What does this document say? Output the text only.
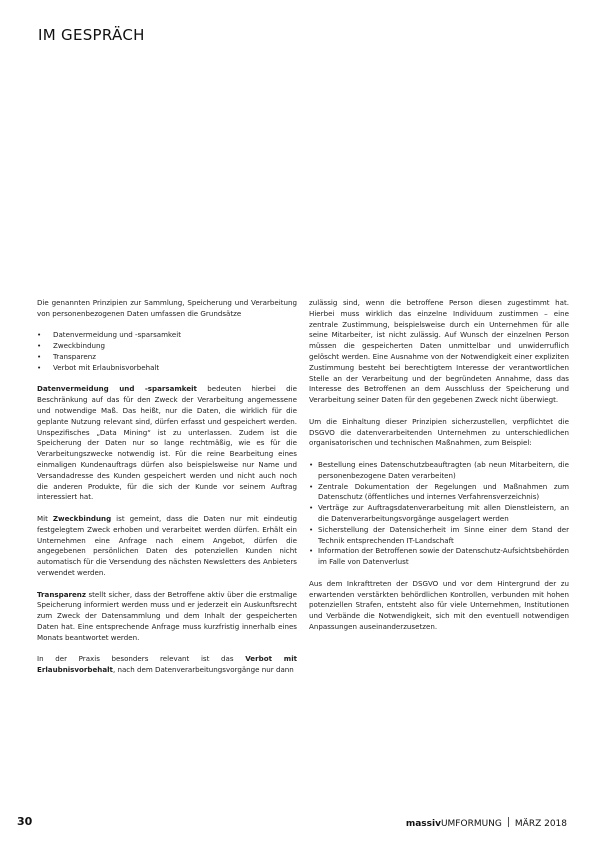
IM GESPRÄCH

Die genannten Prinzipien zur Sammlung, Speicherung und Verarbeitung von personenbezogenen Daten umfassen die Grundsätze

• Datenvermeidung und -sparsamkeit
• Zweckbindung
• Transparenz
• Verbot mit Erlaubnisvorbehalt

Datenvermeidung und -sparsamkeit bedeuten hierbei die Beschränkung auf das für den Zweck der Verarbeitung angemessene und notwendige Maß. Das heißt, nur die Daten, die wirklich für die geplante Nutzung relevant sind, dürfen erfasst und gespeichert werden. Unspezifisches „Data Mining“ ist zu unterlassen. Zudem ist die Speicherung der Daten nur so lange rechtmäßig, wie es für die Verarbeitungszwecke notwendig ist. Für die reine Bearbeitung eines einmaligen Kundenauftrags dürfen also beispielsweise nur Name und Versandadresse des Kunden gespeichert werden und nicht auch noch die anderen Produkte, für die sich der Kunde vor seinem Auftrag interessiert hat.

Mit Zweckbindung ist gemeint, dass die Daten nur mit eindeutig festgelegtem Zweck erhoben und verarbeitet werden dürfen. Erhält ein Unternehmen eine Anfrage nach einem Angebot, dürfen die angegebenen persönlichen Daten des potenziellen Kunden nicht automatisch für die Versendung des nächsten Newsletters des Anbieters verwendet werden.

Transparenz stellt sicher, dass der Betroffene aktiv über die erstmalige Speicherung informiert werden muss und er jederzeit ein Auskunftsrecht zum Zweck der Datensammlung und dem Inhalt der gespeicherten Daten hat. Eine entsprechende Anfrage muss kurzfristig innerhalb eines Monats beantwortet werden.

In der Praxis besonders relevant ist das Verbot mit Erlaubnisvorbehalt, nach dem Datenverarbeitungsvorgänge nur dann

zulässig sind, wenn die betroffene Person diesen zugestimmt hat. Hierbei muss wirklich das einzelne Individuum zustimmen – eine zentrale Zustimmung, beispielsweise durch ein Unternehmen für alle seine Mitarbeiter, ist nicht zulässig. Auf Wunsch der einzelnen Person müssen die gespeicherten Daten unmittelbar und unwiderruflich gelöscht werden. Eine Ausnahme von der Notwendigkeit einer expliziten Zustimmung besteht bei berechtigtem Interesse der verantwortlichen Stelle an der Verarbeitung und der begründeten Annahme, dass das Interesse des Betroffenen an dem Ausschluss der Speicherung und Verarbeitung seiner Daten für den gegebenen Zweck nicht überwiegt.

Um die Einhaltung dieser Prinzipien sicherzustellen, verpflichtet die DSGVO die datenverarbeitenden Unternehmen zu unterschiedlichen organisatorischen und technischen Maßnahmen, zum Beispiel:

• Bestellung eines Datenschutzbeauftragten (ab neun Mitarbeitern, die personenbezogene Daten verarbeiten)
• Zentrale Dokumentation der Regelungen und Maßnahmen zum Datenschutz (öffentliches und internes Verfahrensverzeichnis)
• Verträge zur Auftragsdatenverarbeitung mit allen Dienstleistern, an die Datenverarbeitungsvorgänge ausgelagert werden
• Sicherstellung der Datensicherheit im Sinne einer dem Stand der Technik entsprechenden IT-Landschaft
• Information der Betroffenen sowie der Datenschutz-Aufsichtsbehörden im Falle von Datenverlust

Aus dem Inkrafttreten der DSGVO und vor dem Hintergrund der zu erwartenden verstärkten behördlichen Kontrollen, verbunden mit hohen potenziellen Strafen, entsteht also für viele Unternehmen, Institutionen und Verbände die Notwendigkeit, sich mit den eventuell notwendigen Anpassungen auseinanderzusetzen.

30	massivUMFORMUNG MÄRZ 2018
